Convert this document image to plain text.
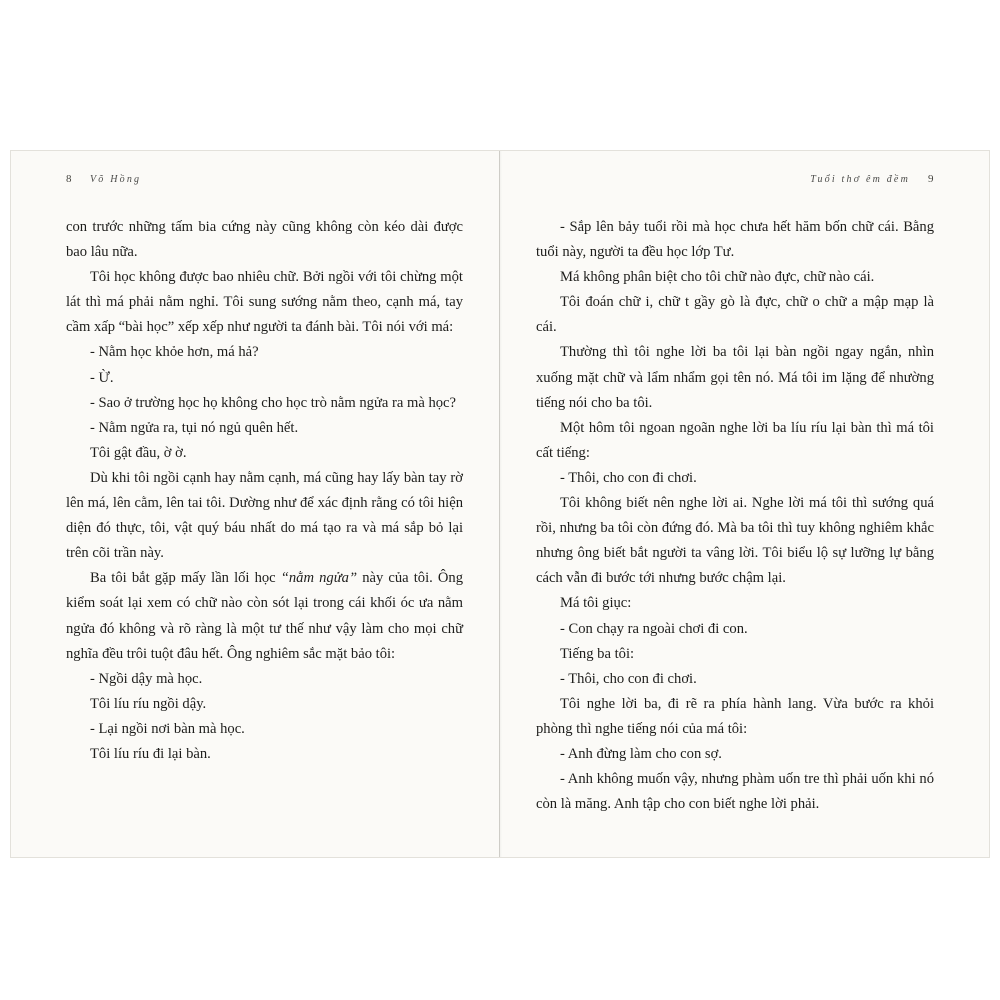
8 Võ Hồng

con trước những tấm bia cứng này cũng không còn kéo dài được bao lâu nữa.

Tôi học không được bao nhiêu chữ. Bởi ngồi với tôi chừng một lát thì má phải nằm nghỉ. Tôi sung sướng nằm theo, cạnh má, tay cầm xấp “bài học” xếp xếp như người ta đánh bài. Tôi nói với má:

- Nằm học khỏe hơn, má hả?

- Ừ.

- Sao ở trường học họ không cho học trò nằm ngửa ra mà học?

- Nằm ngửa ra, tụi nó ngủ quên hết.

Tôi gật đầu, ờ ờ.

Dù khi tôi ngồi cạnh hay nằm cạnh, má cũng hay lấy bàn tay rờ lên má, lên cằm, lên tai tôi. Dường như để xác định rằng có tôi hiện diện đó thực, tôi, vật quý báu nhất do má tạo ra và má sắp bỏ lại trên cõi trần này.

Ba tôi bắt gặp mấy lần lối học “nằm ngửa” này của tôi. Ông kiểm soát lại xem có chữ nào còn sót lại trong cái khối óc ưa nằm ngửa đó không và rõ ràng là một tư thế như vậy làm cho mọi chữ nghĩa đều trôi tuột đâu hết. Ông nghiêm sắc mặt bảo tôi:

- Ngồi dậy mà học.

Tôi líu ríu ngồi dậy.

- Lại ngồi nơi bàn mà học.

Tôi líu ríu đi lại bàn.

Tuổi thơ êm đềm 9

- Sắp lên bảy tuổi rồi mà học chưa hết hăm bốn chữ cái. Bằng tuổi này, người ta đều học lớp Tư.

Má không phân biệt cho tôi chữ nào đực, chữ nào cái.

Tôi đoán chữ i, chữ t gầy gò là đực, chữ o chữ a mập mạp là cái.

Thường thì tôi nghe lời ba tôi lại bàn ngồi ngay ngắn, nhìn xuống mặt chữ và lẩm nhẩm gọi tên nó. Má tôi im lặng để nhường tiếng nói cho ba tôi.

Một hôm tôi ngoan ngoãn nghe lời ba líu ríu lại bàn thì má tôi cất tiếng:

- Thôi, cho con đi chơi.

Tôi không biết nên nghe lời ai. Nghe lời má tôi thì sướng quá rồi, nhưng ba tôi còn đứng đó. Mà ba tôi thì tuy không nghiêm khắc nhưng ông biết bắt người ta vâng lời. Tôi biểu lộ sự lưỡng lự bằng cách vẫn đi bước tới nhưng bước chậm lại.

Má tôi giục:

- Con chạy ra ngoài chơi đi con.

Tiếng ba tôi:

- Thôi, cho con đi chơi.

Tôi nghe lời ba, đi rẽ ra phía hành lang. Vừa bước ra khỏi phòng thì nghe tiếng nói của má tôi:

- Anh đừng làm cho con sợ.

- Anh không muốn vậy, nhưng phàm uốn tre thì phải uốn khi nó còn là măng. Anh tập cho con biết nghe lời phải.
